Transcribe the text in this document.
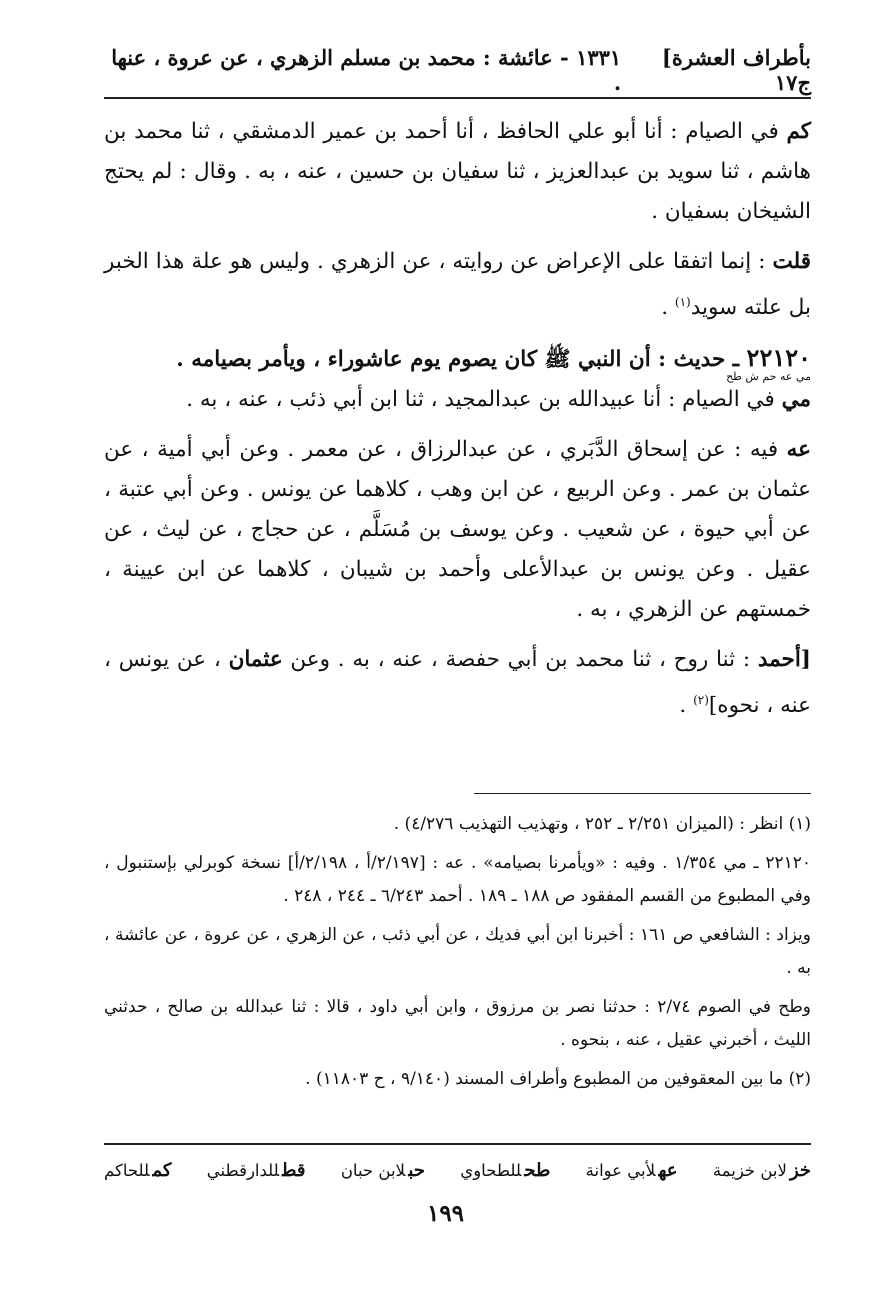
بأطراف العشرة] ج١٧
١٣٣١ - عائشة : محمد بن مسلم الزهري ، عن عروة ، عنها .

كم في الصيام : أنا أبو علي الحافظ ، أنا أحمد بن عمير الدمشقي ، ثنا محمد بن هاشم ، ثنا سويد بن عبدالعزيز ، ثنا سفيان بن حسين ، عنه ، به . وقال : لم يحتج الشيخان بسفيان .

قلت : إنما اتفقا على الإعراض عن روايته ، عن الزهري . وليس هو علة هذا الخبر بل علته سويد$^{(١)}$ .

٢٢١٢٠

ـ حديث : أن النبي ﷺ كان يصوم يوم عاشوراء ، ويأمر بصيامه .
مي عه حم ش طح

مي في الصيام : أنا عبيدالله بن عبدالمجيد ، ثنا ابن أبي ذئب ، عنه ، به .

عه فيه : عن إسحاق الدَّبَري ، عن عبدالرزاق ، عن معمر . وعن أبي أمية ، عن عثمان بن عمر . وعن الربيع ، عن ابن وهب ، كلاهما عن يونس . وعن أبي عتبة ، عن أبي حيوة ، عن شعيب . وعن يوسف بن مُسَلَّم ، عن حجاج ، عن ليث ، عن عقيل . وعن يونس بن عبدالأعلى وأحمد بن شيبان ، كلاهما عن ابن عيينة ، خمستهم عن الزهري ، به .

[أحمد : ثنا روح ، ثنا محمد بن أبي حفصة ، عنه ، به . وعن عثمان ، عن يونس ، عنه ، نحوه]$^{(٢)}$ .

(١) انظر : (الميزان ٢/٢٥١ ـ ٢٥٢ ، وتهذيب التهذيب ٤/٢٧٦) .

٢٢١٢٠ ـ مي ١/٣٥٤ . وفيه : «ويأمرنا بصيامه» . عه : [٢/١٩٧/أ ، ٢/١٩٨/أ] نسخة كوبرلي بإستنبول ، وفي المطبوع من القسم المفقود ص ١٨٨ ـ ١٨٩ . أحمد ٦/٢٤٣ ـ ٢٤٤ ، ٢٤٨ .

ويزاد : الشافعي ص ١٦١ : أخبرنا ابن أبي فديك ، عن أبي ذئب ، عن الزهري ، عن عروة ، عن عائشة ، به .

وطح في الصوم ٢/٧٤ : حدثنا نصر بن مرزوق ، وابن أبي داود ، قالا : ثنا عبدالله بن صالح ، حدثني الليث ، أخبرني عقيل ، عنه ، بنحوه .

(٢) ما بين المعقوفين من المطبوع وأطراف المسند (٩/١٤٠ ، ح ١١٨٠٣) .

خزلابن خزيمة
عهلأبي عوانة
طحللطحاوي
حبلابن حبان
قطللدارقطني
كمللحاكم
١٩٩
